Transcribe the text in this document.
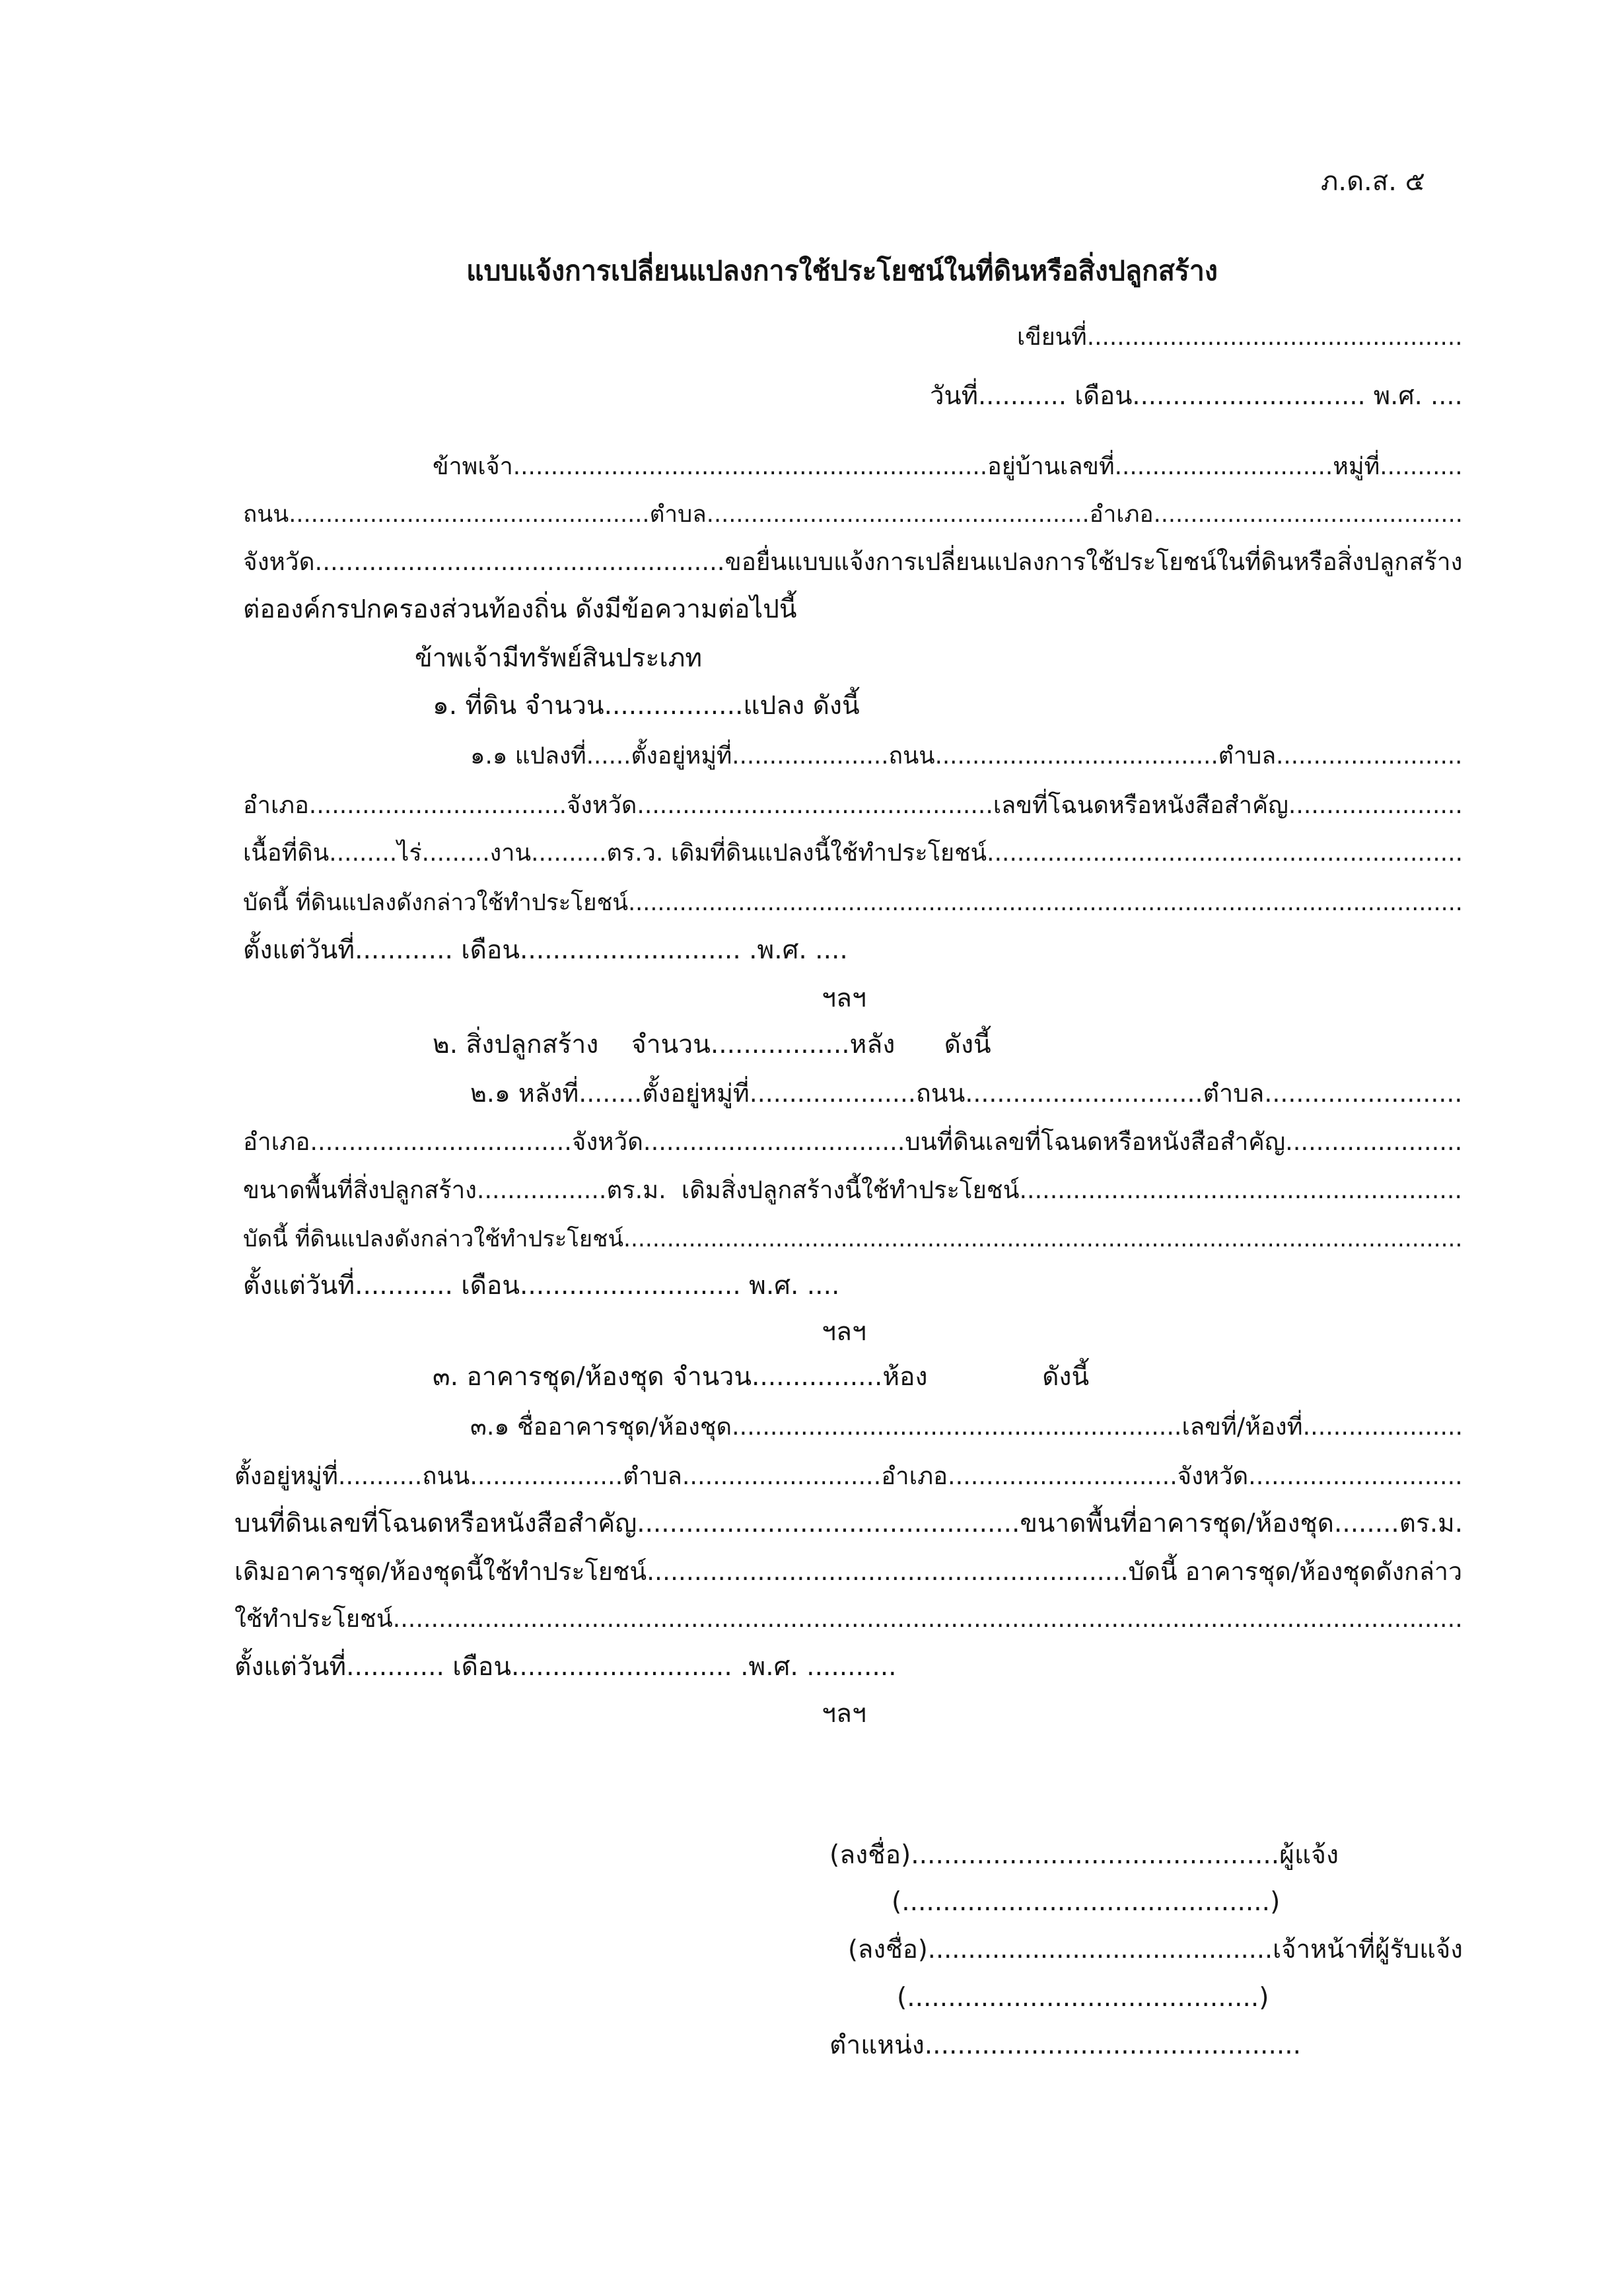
ภ.ด.ส. ๕
แบบแจ้งการเปลี่ยนแปลงการใช้ประโยชน์ในที่ดินหรือสิ่งปลูกสร้าง
เขียนที่..................................................
วันที่........... เดือน............................. พ.ศ. ....
ข้าพเจ้า...............................................................อยู่บ้านเลขที่.............................หมู่ที่...........
ถนน.................................................ตำบล....................................................อำเภอ..........................................
จังหวัด.....................................................ขอยื่นแบบแจ้งการเปลี่ยนแปลงการใช้ประโยชน์ในที่ดินหรือสิ่งปลูกสร้าง
ต่อองค์กรปกครองส่วนท้องถิ่น ดังมีข้อความต่อไปนี้
ข้าพเจ้ามีทรัพย์สินประเภท
๑. ที่ดิน จำนวน.................แปลง ดังนี้
๑.๑ แปลงที่......ตั้งอยู่หมู่ที่.....................ถนน......................................ตำบล.........................
อำเภอ..................................จังหวัด...............................................เลขที่โฉนดหรือหนังสือสำคัญ.......................
เนื้อที่ดิน.........ไร่.........งาน..........ตร.ว. เดิมที่ดินแปลงนี้ใช้ทำประโยชน์...............................................................
บัดนี้ ที่ดินแปลงดังกล่าวใช้ทำประโยชน์..................................................................................................................
ตั้งแต่วันที่............ เดือน........................... .พ.ศ. ....
ฯลฯ
๒. สิ่งปลูกสร้าง    จำนวน.................หลัง      ดังนี้
๒.๑ หลังที่........ตั้งอยู่หมู่ที่.....................ถนน..............................ตำบล.........................
อำเภอ..................................จังหวัด..................................บนที่ดินเลขที่โฉนดหรือหนังสือสำคัญ.......................
ขนาดพื้นที่สิ่งปลูกสร้าง.................ตร.ม.  เดิมสิ่งปลูกสร้างนี้ใช้ทำประโยชน์..........................................................
บัดนี้ ที่ดินแปลงดังกล่าวใช้ทำประโยชน์....................................................................................................................
ตั้งแต่วันที่............ เดือน........................... พ.ศ. ....
ฯลฯ
๓. อาคารชุด/ห้องชุด จำนวน................ห้อง              ดังนี้
๓.๑ ชื่ออาคารชุด/ห้องชุด...........................................................เลขที่/ห้องที่.....................
ตั้งอยู่หมู่ที่...........ถนน....................ตำบล..........................อำเภอ..............................จังหวัด............................
บนที่ดินเลขที่โฉนดหรือหนังสือสำคัญ...............................................ขนาดพื้นที่อาคารชุด/ห้องชุด........ตร.ม.
เดิมอาคารชุด/ห้องชุดนี้ใช้ทำประโยชน์.............................................................บัดนี้ อาคารชุด/ห้องชุดดังกล่าว
ใช้ทำประโยชน์............................................................................................................................................
ตั้งแต่วันที่............ เดือน........................... .พ.ศ. ...........
ฯลฯ
(ลงชื่อ).............................................ผู้แจ้ง
(.............................................)
(ลงชื่อ)...........................................เจ้าหน้าที่ผู้รับแจ้ง
(...........................................)
ตำแหน่ง..............................................
